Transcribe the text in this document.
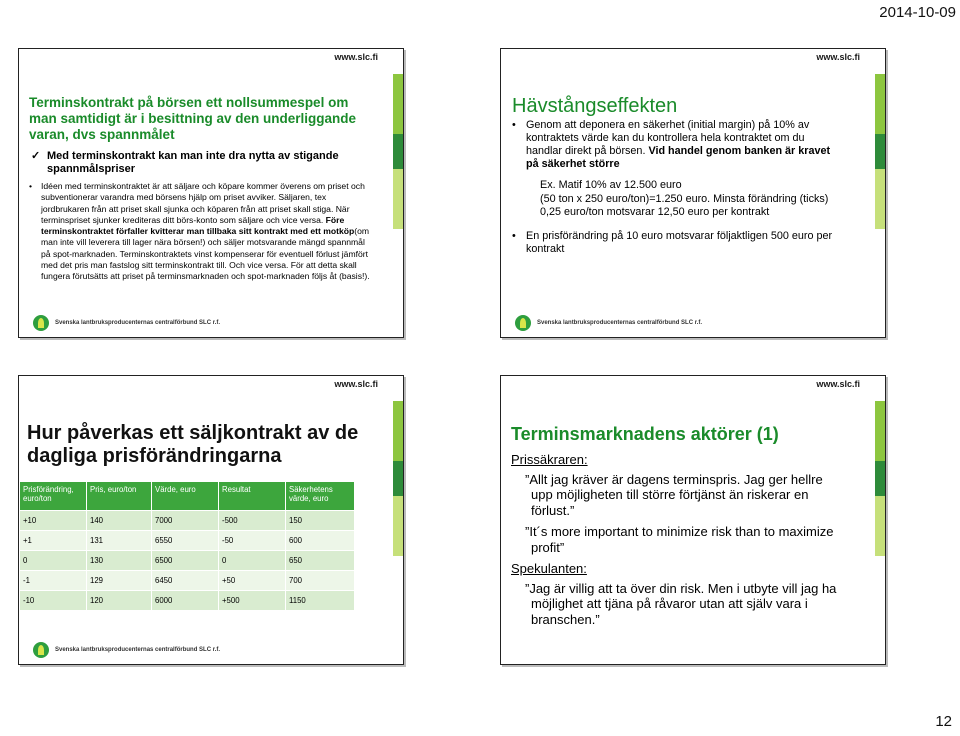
2014-10-09
www.slc.fi
Terminskontrakt på börsen ett nollsummespel om man samtidigt är i besittning av den underliggande varan, dvs spannmålet
✓ Med terminskontrakt kan man inte dra nytta av stigande spannmålspriser
• Idéen med terminskontraktet är att säljare och köpare kommer överens om priset och subventionerar varandra med börsens hjälp om priset avviker. Säljaren, tex jordbrukaren från att priset skall sjunka och köparen från att priset skall stiga. När terminspriset sjunker krediteras ditt börs-konto som säljare och vice versa. Före terminskontraktet förfaller kvitterar man tillbaka sitt kontrakt med ett motköp(om man inte vill leverera till lager nära börsen!) och säljer motsvarande mängd spannmål på spot-marknaden. Terminskontraktets vinst kompenserar för eventuell förlust jämfört med det pris man fastslog sitt terminskontrakt till. Och vice versa. För att detta skall fungera förutsätts att priset på terminsmarknaden och spot-marknaden följs åt (basis!).
Svenska lantbruksproducenternas centralförbund SLC r.f.
www.slc.fi
Hävstångseffekten
• Genom att deponera en säkerhet (initial margin) på 10% av kontraktets värde kan du kontrollera hela kontraktet om du handlar direkt på börsen. Vid handel genom banken är kravet på säkerhet större
Ex. Matif 10% av 12.500 euro
(50 ton x 250 euro/ton)=1.250 euro. Minsta förändring (ticks) 0,25 euro/ton motsvarar 12,50 euro per kontrakt
• En prisförändring på 10 euro motsvarar följaktligen 500 euro per kontrakt
Svenska lantbruksproducenternas centralförbund SLC r.f.
www.slc.fi
Hur påverkas ett säljkontrakt av de dagliga prisförändringarna
Prisförändring, euro/ton	Pris, euro/ton	Värde, euro	Resultat	Säkerhetens värde, euro
+10	140	7000	-500	150
+1	131	6550	-50	600
0	130	6500	0	650
-1	129	6450	+50	700
-10	120	6000	+500	1150
Svenska lantbruksproducenternas centralförbund SLC r.f.
www.slc.fi
Terminsmarknadens aktörer (1)
Prissäkraren:
”Allt jag kräver är dagens terminspris. Jag ger hellre upp möjligheten till större förtjänst än riskerar en förlust.”
”It´s more important to minimize risk than to maximize profit”
Spekulanten:
”Jag är villig att ta över din risk. Men i utbyte vill jag ha möjlighet att tjäna på råvaror utan att själv vara i branschen.”
12
